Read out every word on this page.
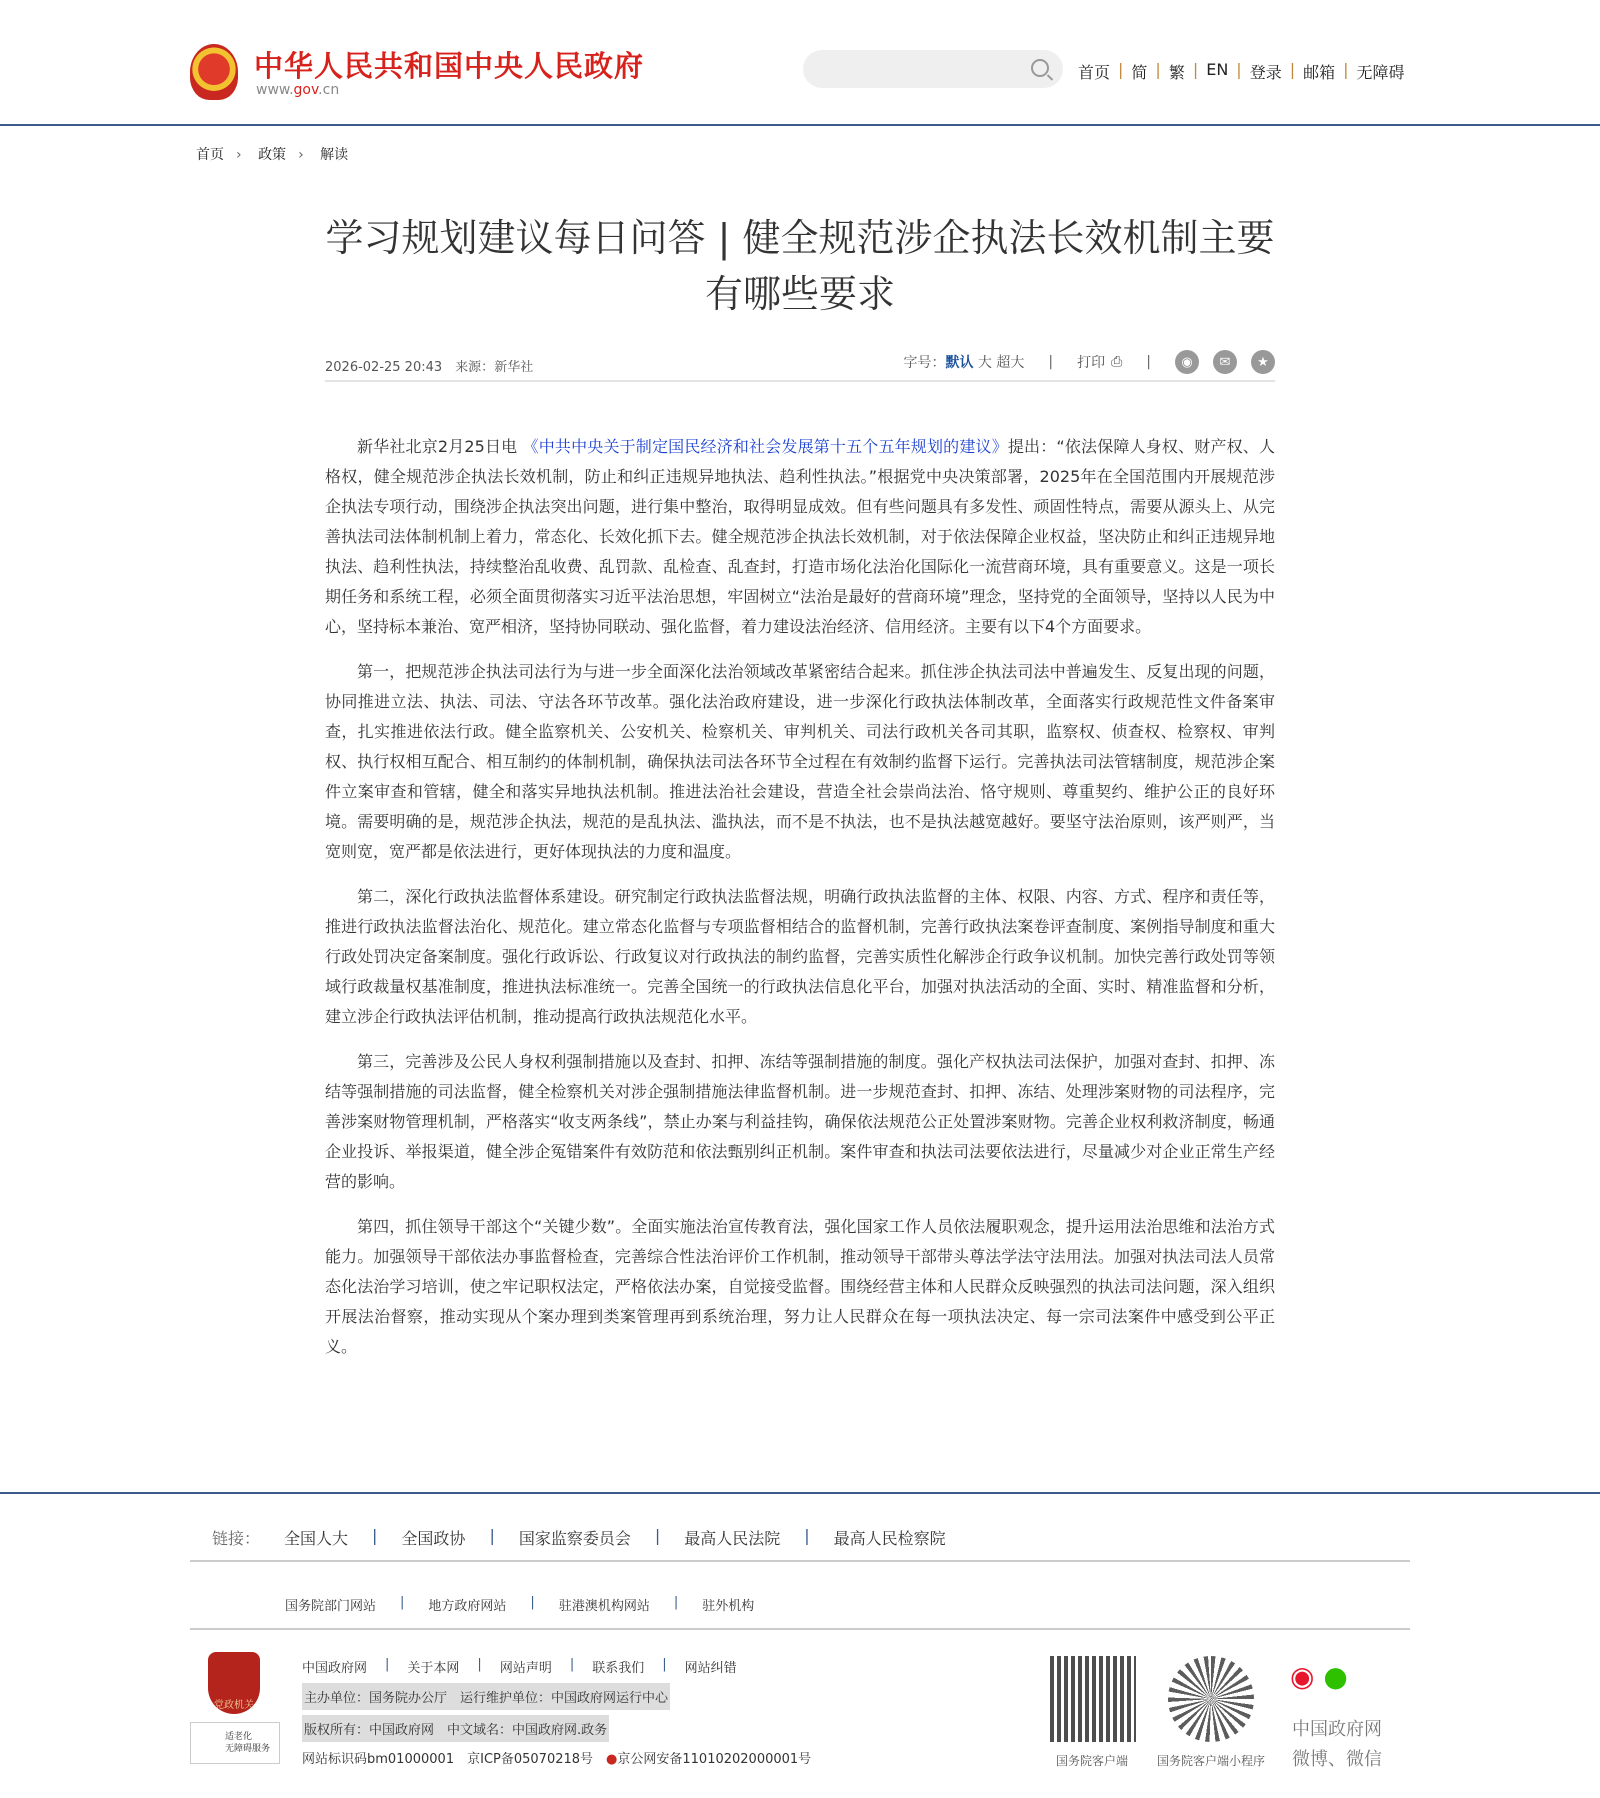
中华人民共和国中央人民政府
www.gov.cn
首页 | 简 | 繁 | EN | 登录 | 邮箱 | 无障碍
首页 › 政策 › 解读
学习规划建议每日问答 | 健全规范涉企执法长效机制主要有哪些要求
2026-02-25 20:43　 来源：新华社	字号： 默认
大
超大 | 打印 ⎙ |	◉	✉	★

新华社北京2月25日电 《中共中央关于制定国民经济和社会发展第十五个五年规划的建议》提出：“依法保障人身权、财产权、人格权，健全规范涉企执法长效机制，防止和纠正违规异地执法、趋利性执法。”根据党中央决策部署，2025年在全国范围内开展规范涉企执法专项行动，围绕涉企执法突出问题，进行集中整治，取得明显成效。但有些问题具有多发性、顽固性特点，需要从源头上、从完善执法司法体制机制上着力，常态化、长效化抓下去。健全规范涉企执法长效机制，对于依法保障企业权益，坚决防止和纠正违规异地执法、趋利性执法，持续整治乱收费、乱罚款、乱检查、乱查封，打造市场化法治化国际化一流营商环境，具有重要意义。这是一项长期任务和系统工程，必须全面贯彻落实习近平法治思想，牢固树立“法治是最好的营商环境”理念，坚持党的全面领导，坚持以人民为中心，坚持标本兼治、宽严相济，坚持协同联动、强化监督，着力建设法治经济、信用经济。主要有以下4个方面要求。

第一，把规范涉企执法司法行为与进一步全面深化法治领域改革紧密结合起来。抓住涉企执法司法中普遍发生、反复出现的问题，协同推进立法、执法、司法、守法各环节改革。强化法治政府建设，进一步深化行政执法体制改革，全面落实行政规范性文件备案审查，扎实推进依法行政。健全监察机关、公安机关、检察机关、审判机关、司法行政机关各司其职，监察权、侦查权、检察权、审判权、执行权相互配合、相互制约的体制机制，确保执法司法各环节全过程在有效制约监督下运行。完善执法司法管辖制度，规范涉企案件立案审查和管辖，健全和落实异地执法机制。推进法治社会建设，营造全社会崇尚法治、恪守规则、尊重契约、维护公正的良好环境。需要明确的是，规范涉企执法，规范的是乱执法、滥执法，而不是不执法，也不是执法越宽越好。要坚守法治原则，该严则严，当宽则宽，宽严都是依法进行，更好体现执法的力度和温度。

第二，深化行政执法监督体系建设。研究制定行政执法监督法规，明确行政执法监督的主体、权限、内容、方式、程序和责任等，推进行政执法监督法治化、规范化。建立常态化监督与专项监督相结合的监督机制，完善行政执法案卷评查制度、案例指导制度和重大行政处罚决定备案制度。强化行政诉讼、行政复议对行政执法的制约监督，完善实质性化解涉企行政争议机制。加快完善行政处罚等领域行政裁量权基准制度，推进执法标准统一。完善全国统一的行政执法信息化平台，加强对执法活动的全面、实时、精准监督和分析，建立涉企行政执法评估机制，推动提高行政执法规范化水平。

第三，完善涉及公民人身权利强制措施以及查封、扣押、冻结等强制措施的制度。强化产权执法司法保护，加强对查封、扣押、冻结等强制措施的司法监督，健全检察机关对涉企强制措施法律监督机制。进一步规范查封、扣押、冻结、处理涉案财物的司法程序，完善涉案财物管理机制，严格落实“收支两条线”，禁止办案与利益挂钩，确保依法规范公正处置涉案财物。完善企业权利救济制度，畅通企业投诉、举报渠道，健全涉企冤错案件有效防范和依法甄别纠正机制。案件审查和执法司法要依法进行，尽量减少对企业正常生产经营的影响。

第四，抓住领导干部这个“关键少数”。全面实施法治宣传教育法，强化国家工作人员依法履职观念，提升运用法治思维和法治方式能力。加强领导干部依法办事监督检查，完善综合性法治评价工作机制，推动领导干部带头尊法学法守法用法。加强对执法司法人员常态化法治学习培训，使之牢记职权法定，严格依法办案，自觉接受监督。围绕经营主体和人民群众反映强烈的执法司法问题，深入组织开展法治督察，推动实现从个案办理到类案管理再到系统治理，努力让人民群众在每一项执法决定、每一宗司法案件中感受到公平正义。

链接： 全国人大 | 全国政协 | 国家监察委员会 | 最高人民法院 | 最高人民检察院
国务院部门网站 | 地方政府网站 | 驻港澳机构网站 | 驻外机构
党政机关
适老化
无障碍服务
中国政府网 | 关于本网 | 网站声明 | 联系我们 | 网站纠错
主办单位：国务院办公厅　运行维护单位：中国政府网运行中心
版权所有：中国政府网　中文域名：中国政府网.政务
网站标识码bm01000001　 京ICP备05070218号　 ●京公网安备11010202000001号	国务院客户端 国务院客户端小程序
◉ ●
中国政府网
微博、微信
